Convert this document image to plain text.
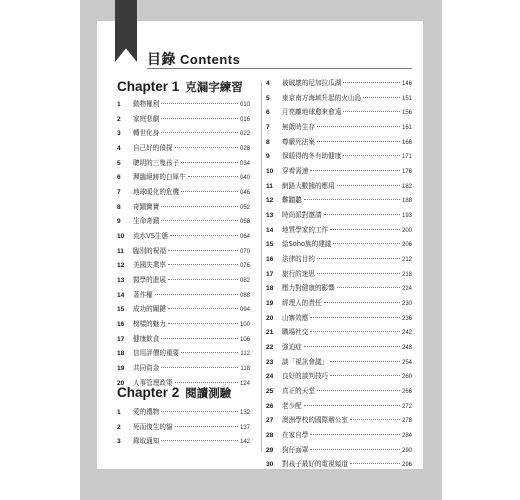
目錄 Contents
Chapter 1 克漏字練習
1	動物權利	010
2	家庭悲劇	016
3	轉世化身	022
4	自己好的偵探	028
5	聰明的三隻孩子	034
6	瀕臨絕跡的白犀牛	040
7	地球暖化的危機	046
8	奇蹟寶寶	052
9	生命奇蹟	058
10	流水VS生態	064
11	臨別的祝福	070
12	美國失業率	076
13	醫學的進展	082
14	著作權	088
15	成功的關鍵	094
16	榜樣的魅力	100
17	健康飲食	106
18	信用評價的重要	112
19	共同資金	118
20	人事管理政策	124
4	被破壞的尼加拉瓜湖	146
5	東京南方海域升起的火山島	151
6	月亮離地球愈來愈遠	156
7	無飯時生存	161
8	尊嚴死法案	166
9	保暖得的冬有助健康	171
10	穿着需速	176
11	網路大數據的應用	182
12	難聽聽	188
13	時尚派對邀請	193
14	地質學家的工作	200
15	給Soho族的建議	206
16	法律的目的	212
17	旅行的迷思	218
18	壓力對健康的影響	224
19	經理人的責任	230
20	山寨效應	236
21	職場社交	242
22	強迫症	248
23	談「視訊會議」	254
24	良好的談判技巧	260
25	真正的天堂	266
26	老少配	272
27	澳洲學校的國際辦公室	278
28	在家自學	284
29	狗仔面罩	290
30	對孩子最好的電視頻道	296
Chapter 2 閱讀測驗
1	愛的禮物	132
2	死而復生的貓	137
3	錄取通知	142
